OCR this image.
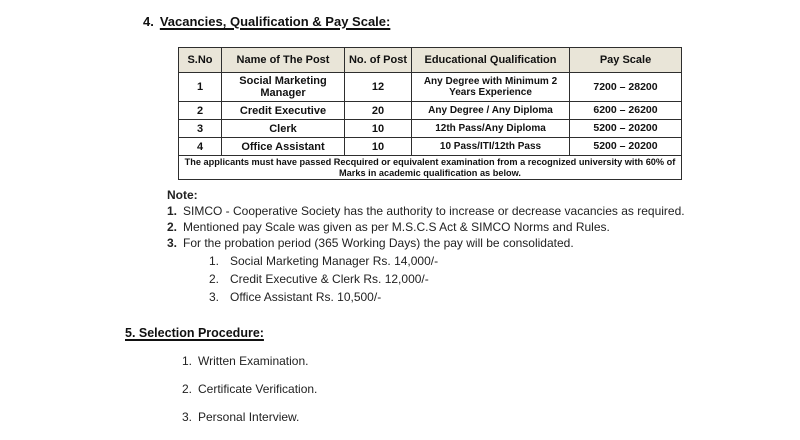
4. Vacancies, Qualification & Pay Scale:
S.No	Name of The Post	No. of Post	Educational Qualification	Pay Scale
1	Social Marketing Manager	12	Any Degree with Minimum 2 Years Experience	7200 – 28200
2	Credit Executive	20	Any Degree / Any Diploma	6200 – 26200
3	Clerk	10	12th Pass/Any Diploma	5200 – 20200
4	Office Assistant	10	10 Pass/ITI/12th Pass	5200 – 20200
The applicants must have passed Recquired or equivalent examination from a recognized university with 60% of Marks in academic qualification as below.				
Note:
1. SIMCO - Cooperative Society has the authority to increase or decrease vacancies as required.
2. Mentioned pay Scale was given as per M.S.C.S Act & SIMCO Norms and Rules.
3. For the probation period (365 Working Days) the pay will be consolidated.
1. Social Marketing Manager Rs. 14,000/-
2. Credit Executive & Clerk Rs. 12,000/-
3. Office Assistant Rs. 10,500/-
5. Selection Procedure:
1. Written Examination.
2. Certificate Verification.
3. Personal Interview.
